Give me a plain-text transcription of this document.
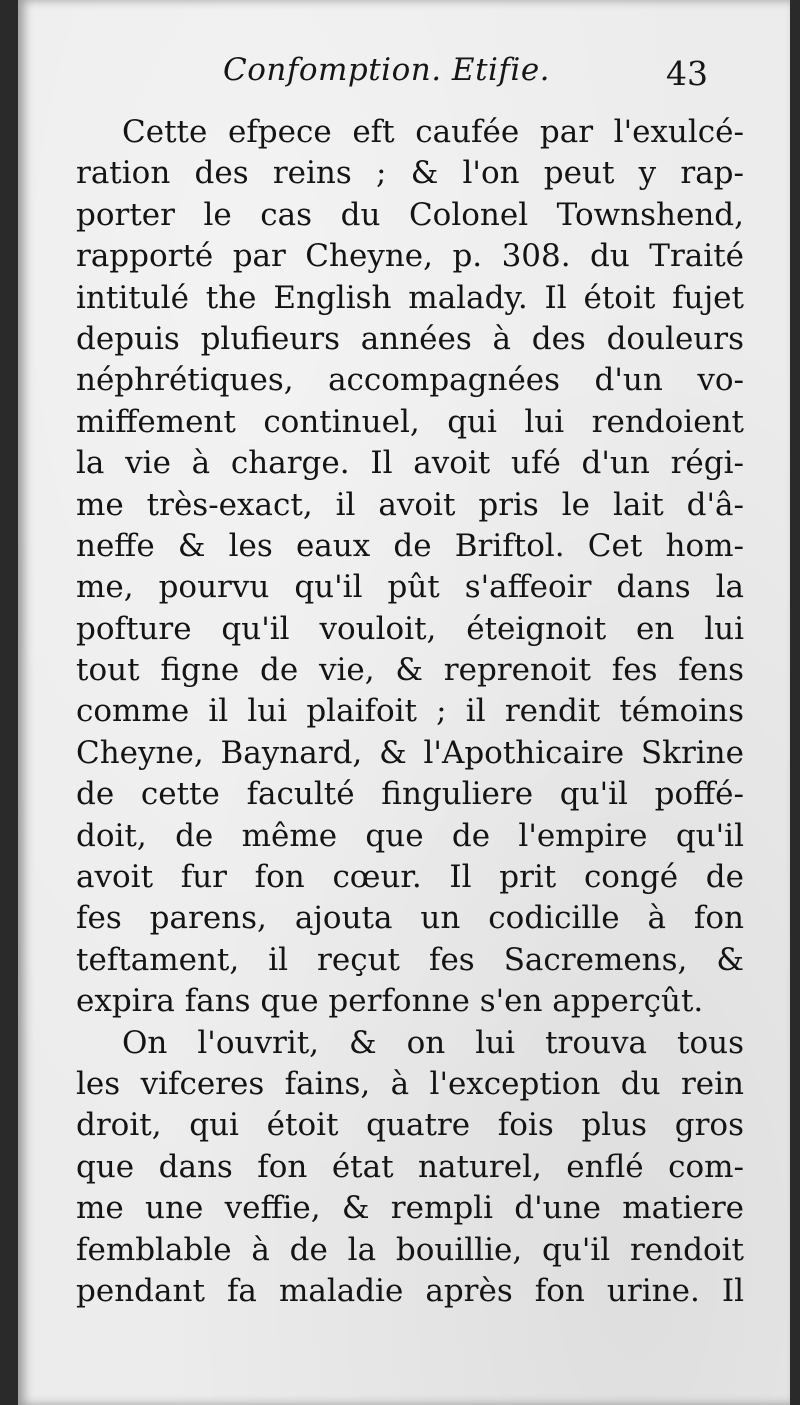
Confomption. Etifie.	43
Cette efpece eft caufée par l'exulcé-
ration des reins ; & l'on peut y rap-
porter le cas du Colonel Townshend,
rapporté par Cheyne, p. 308. du Traité
intitulé the English malady. Il étoit fujet
depuis plufieurs années à des douleurs
néphrétiques, accompagnées d'un vo-
miffement continuel, qui lui rendoient
la vie à charge. Il avoit ufé d'un régi-
me très-exact, il avoit pris le lait d'â-
neffe & les eaux de Briftol. Cet hom-
me, pourvu qu'il pût s'affeoir dans la
pofture qu'il vouloit, éteignoit en lui
tout figne de vie, & reprenoit fes fens
comme il lui plaifoit ; il rendit témoins
Cheyne, Baynard, & l'Apothicaire Skrine
de cette faculté finguliere qu'il poffé-
doit, de même que de l'empire qu'il
avoit fur fon cœur. Il prit congé de
fes parens, ajouta un codicille à fon
teftament, il reçut fes Sacremens, &
expira fans que perfonne s'en apperçût.
On l'ouvrit, & on lui trouva tous
les vifceres fains, à l'exception du rein
droit, qui étoit quatre fois plus gros
que dans fon état naturel, enflé com-
me une veffie, & rempli d'une matiere
femblable à de la bouillie, qu'il rendoit
pendant fa maladie après fon urine. Il
